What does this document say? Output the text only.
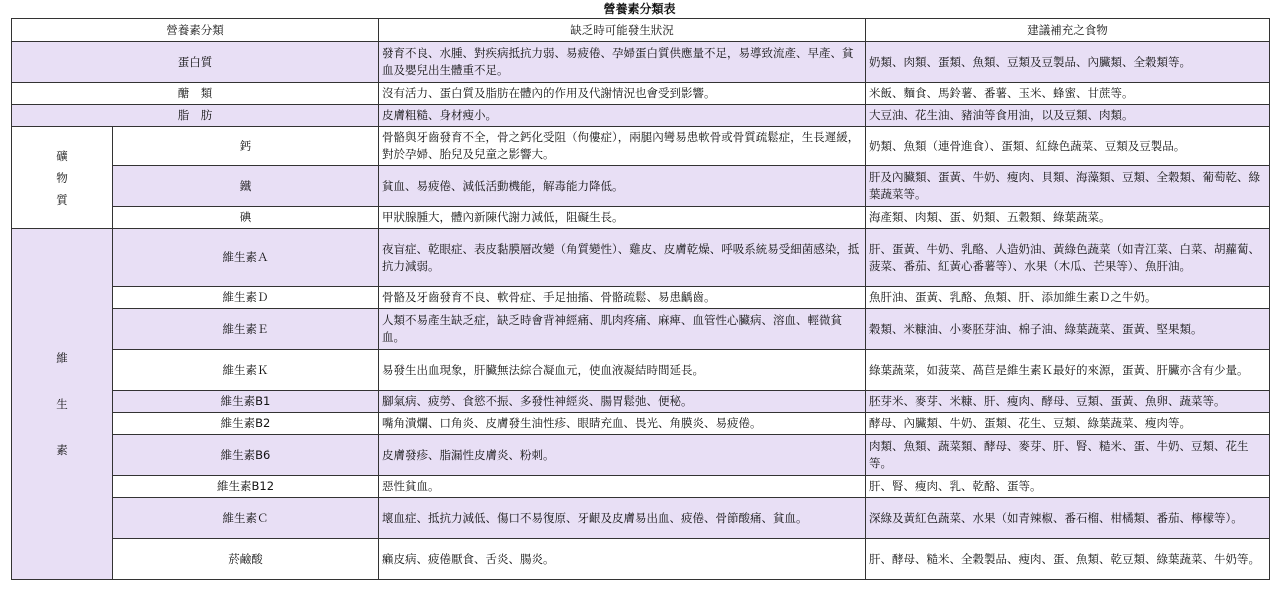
營養素分類表
營養素分類		缺乏時可能發生狀況	建議補充之食物
蛋白質		發育不良、水腫、對疾病抵抗力弱、易疲倦、孕婦蛋白質供應量不足，易導致流產、早產、貧血及嬰兒出生體重不足。	奶類、肉類、蛋類、魚類、豆類及豆製品、內臟類、全穀類等。
醣　類		沒有活力、蛋白質及脂肪在體內的作用及代謝情況也會受到影響。	米飯、麵食、馬鈴薯、番薯、玉米、蜂蜜、甘蔗等。
脂　肪		皮膚粗糙、身材瘦小。	大豆油、花生油、豬油等食用油，以及豆類、肉類。

礦
物
質	鈣	骨骼與牙齒發育不全，骨之鈣化受阻（佝僂症），兩腿內彎易患軟骨或骨質疏鬆症，生長遲緩，對於孕婦、胎兒及兒童之影響大。	奶類、魚類（連骨進食）、蛋類、紅綠色蔬菜、豆類及豆製品。
	鐵	貧血、易疲倦、減低活動機能，解毒能力降低。	肝及內臟類、蛋黃、牛奶、瘦肉、貝類、海藻類、豆類、全穀類、葡萄乾、綠葉蔬菜等。
	碘	甲狀腺腫大，體內新陳代謝力減低，阻礙生長。	海產類、肉類、蛋、奶類、五穀類、綠葉蔬菜。

維
生
素	維生素Ａ	夜盲症、乾眼症、表皮黏膜層改變（角質變性）、雞皮、皮膚乾燥、呼吸系統易受細菌感染，抵抗力減弱。	肝、蛋黃、牛奶、乳酪、人造奶油、黃綠色蔬菜（如青江菜、白菜、胡蘿蔔、菠菜、番茄、紅黃心番薯等）、水果（木瓜、芒果等）、魚肝油。
	維生素Ｄ	骨骼及牙齒發育不良、軟骨症、手足抽搐、骨骼疏鬆、易患齲齒。	魚肝油、蛋黃、乳酪、魚類、肝、添加維生素Ｄ之牛奶。
	維生素Ｅ	人類不易產生缺乏症，缺乏時會背神經痛、肌肉疼痛、麻痺、血管性心臟病、溶血、輕微貧血。	穀類、米糠油、小麥胚芽油、棉子油、綠葉蔬菜、蛋黃、堅果類。
	維生素Ｋ	易發生出血現象，肝臟無法綜合凝血元，使血液凝結時間延長。	綠葉蔬菜，如菠菜、萵苣是維生素Ｋ最好的來源，蛋黃、肝臟亦含有少量。
	維生素B1	腳氣病、疲勞、食慾不振、多發性神經炎、腸胃鬆弛、便秘。	胚芽米、麥芽、米糠、肝、瘦肉、酵母、豆類、蛋黃、魚卵、蔬菜等。
	維生素B2	嘴角潰爛、口角炎、皮膚發生油性疹、眼睛充血、畏光、角膜炎、易疲倦。	酵母、內臟類、牛奶、蛋類、花生、豆類、綠葉蔬菜、瘦肉等。
	維生素B6	皮膚發疹、脂漏性皮膚炎、粉刺。	肉類、魚類、蔬菜類、酵母、麥芽、肝、腎、糙米、蛋、牛奶、豆類、花生等。
	維生素B12	惡性貧血。	肝、腎、瘦肉、乳、乾酪、蛋等。
	維生素Ｃ	壞血症、抵抗力減低、傷口不易復原、牙齦及皮膚易出血、疲倦、骨節酸痛、貧血。	深綠及黃紅色蔬菜、水果（如青辣椒、番石榴、柑橘類、番茄、檸檬等）。
	菸鹼酸	癩皮病、疲倦厭食、舌炎、腸炎。	肝、酵母、糙米、全穀製品、瘦肉、蛋、魚類、乾豆類、綠葉蔬菜、牛奶等。
